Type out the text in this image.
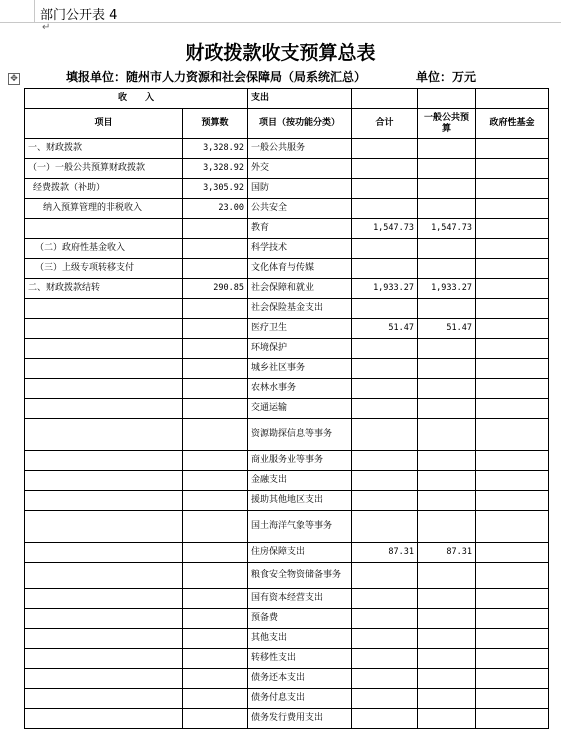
部门公开表 4
↵
财政拨款收支预算总表
✥	填报单位：随州市人力资源和社会保障局（局系统汇总）	单位：万元
收　　入		支出			
项目	预算数	项目（按功能分类）	合计	一般公共预算	政府性基金
一、财政拨款	3,328.92	一般公共服务			
（一）一般公共预算财政拨款	3,328.92	外交			
经费拨款（补助）	3,305.92	国防			
纳入预算管理的非税收入	23.00	公共安全			
		教育	1,547.73	1,547.73	
（二）政府性基金收入		科学技术			
（三）上级专项转移支付		文化体育与传媒			
二、财政拨款结转	290.85	社会保障和就业	1,933.27	1,933.27	
		社会保险基金支出			
		医疗卫生	51.47	51.47	
		环境保护			
		城乡社区事务			
		农林水事务			
		交通运输			
		资源勘探信息等事务			
		商业服务业等事务			
		金融支出			
		援助其他地区支出			
		国土海洋气象等事务			
		住房保障支出	87.31	87.31	
		粮食安全物资储备事务			
		国有资本经营支出			
		预备费			
		其他支出			
		转移性支出			
		债务还本支出			
		债务付息支出			
		债务发行费用支出			
